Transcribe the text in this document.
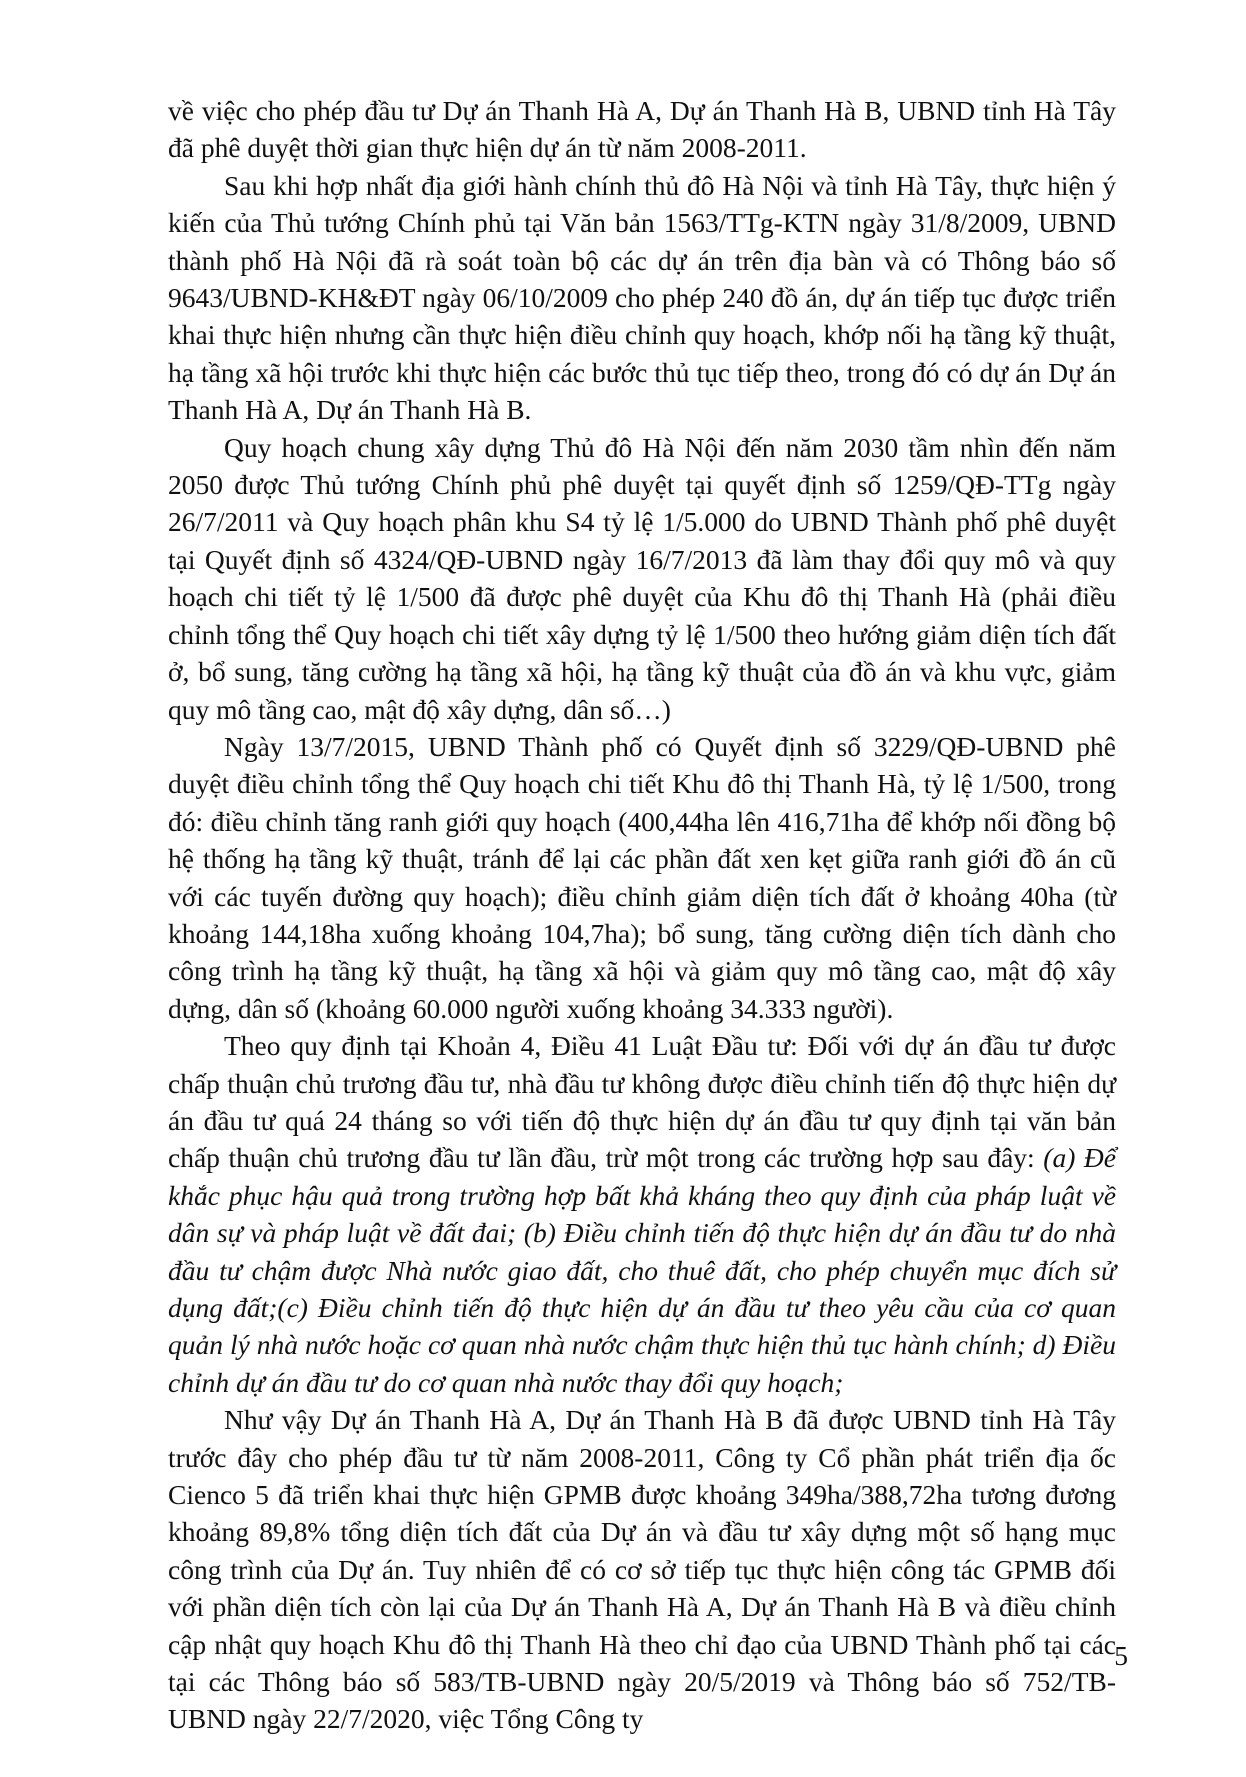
về việc cho phép đầu tư Dự án Thanh Hà A, Dự án Thanh Hà B, UBND tỉnh Hà Tây đã phê duyệt thời gian thực hiện dự án từ năm 2008-2011.

Sau khi hợp nhất địa giới hành chính thủ đô Hà Nội và tỉnh Hà Tây, thực hiện ý kiến của Thủ tướng Chính phủ tại Văn bản 1563/TTg-KTN ngày 31/8/2009, UBND thành phố Hà Nội đã rà soát toàn bộ các dự án trên địa bàn và có Thông báo số 9643/UBND-KH&ĐT ngày 06/10/2009 cho phép 240 đồ án, dự án tiếp tục được triển khai thực hiện nhưng cần thực hiện điều chỉnh quy hoạch, khớp nối hạ tầng kỹ thuật, hạ tầng xã hội trước khi thực hiện các bước thủ tục tiếp theo, trong đó có dự án Dự án Thanh Hà A, Dự án Thanh Hà B.

Quy hoạch chung xây dựng Thủ đô Hà Nội đến năm 2030 tầm nhìn đến năm 2050 được Thủ tướng Chính phủ phê duyệt tại quyết định số 1259/QĐ-TTg ngày 26/7/2011 và Quy hoạch phân khu S4 tỷ lệ 1/5.000 do UBND Thành phố phê duyệt tại Quyết định số 4324/QĐ-UBND ngày 16/7/2013 đã làm thay đổi quy mô và quy hoạch chi tiết tỷ lệ 1/500 đã được phê duyệt của Khu đô thị Thanh Hà (phải điều chỉnh tổng thể Quy hoạch chi tiết xây dựng tỷ lệ 1/500 theo hướng giảm diện tích đất ở, bổ sung, tăng cường hạ tầng xã hội, hạ tầng kỹ thuật của đồ án và khu vực, giảm quy mô tầng cao, mật độ xây dựng, dân số…)

Ngày 13/7/2015, UBND Thành phố có Quyết định số 3229/QĐ-UBND phê duyệt điều chỉnh tổng thể Quy hoạch chi tiết Khu đô thị Thanh Hà, tỷ lệ 1/500, trong đó: điều chỉnh tăng ranh giới quy hoạch (400,44ha lên 416,71ha để khớp nối đồng bộ hệ thống hạ tầng kỹ thuật, tránh để lại các phần đất xen kẹt giữa ranh giới đồ án cũ với các tuyến đường quy hoạch); điều chỉnh giảm diện tích đất ở khoảng 40ha (từ khoảng 144,18ha xuống khoảng 104,7ha); bổ sung, tăng cường diện tích dành cho công trình hạ tầng kỹ thuật, hạ tầng xã hội và giảm quy mô tầng cao, mật độ xây dựng, dân số (khoảng 60.000 người xuống khoảng 34.333 người).

Theo quy định tại Khoản 4, Điều 41 Luật Đầu tư: Đối với dự án đầu tư được chấp thuận chủ trương đầu tư, nhà đầu tư không được điều chỉnh tiến độ thực hiện dự án đầu tư quá 24 tháng so với tiến độ thực hiện dự án đầu tư quy định tại văn bản chấp thuận chủ trương đầu tư lần đầu, trừ một trong các trường hợp sau đây: (a) Để khắc phục hậu quả trong trường hợp bất khả kháng theo quy định của pháp luật về dân sự và pháp luật về đất đai; (b) Điều chỉnh tiến độ thực hiện dự án đầu tư do nhà đầu tư chậm được Nhà nước giao đất, cho thuê đất, cho phép chuyển mục đích sử dụng đất;(c) Điều chỉnh tiến độ thực hiện dự án đầu tư theo yêu cầu của cơ quan quản lý nhà nước hoặc cơ quan nhà nước chậm thực hiện thủ tục hành chính; d) Điều chỉnh dự án đầu tư do cơ quan nhà nước thay đổi quy hoạch;

Như vậy Dự án Thanh Hà A, Dự án Thanh Hà B đã được UBND tỉnh Hà Tây trước đây cho phép đầu tư từ năm 2008-2011, Công ty Cổ phần phát triển địa ốc Cienco 5 đã triển khai thực hiện GPMB được khoảng 349ha/388,72ha tương đương khoảng 89,8% tổng diện tích đất của Dự án và đầu tư xây dựng một số hạng mục công trình của Dự án. Tuy nhiên để có cơ sở tiếp tục thực hiện công tác GPMB đối với phần diện tích còn lại của Dự án Thanh Hà A, Dự án Thanh Hà B và điều chỉnh cập nhật quy hoạch Khu đô thị Thanh Hà theo chỉ đạo của UBND Thành phố tại các tại các Thông báo số 583/TB-UBND ngày 20/5/2019 và Thông báo số 752/TB-UBND ngày 22/7/2020, việc Tổng Công ty

5
